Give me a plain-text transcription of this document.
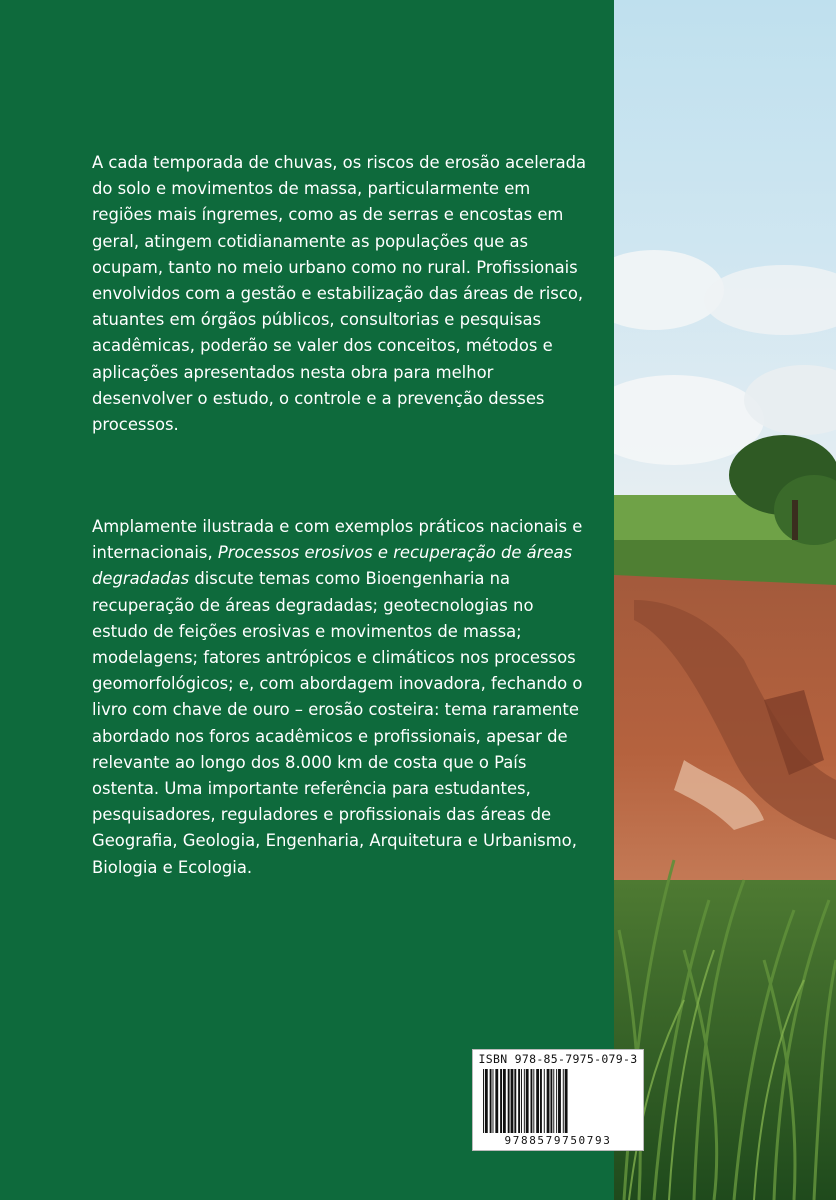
A cada temporada de chuvas, os riscos de erosão acelerada do solo e movimentos de massa, particularmente em regiões mais íngremes, como as de serras e encostas em geral, atingem cotidianamente as populações que as ocupam, tanto no meio urbano como no rural. Profissionais envolvidos com a gestão e estabilização das áreas de risco, atuantes em órgãos públicos, consultorias e pesquisas acadêmicas, poderão se valer dos conceitos, métodos e aplicações apresentados nesta obra para melhor desenvolver o estudo, o controle e a prevenção desses processos.

Amplamente ilustrada e com exemplos práticos nacionais e internacionais, Processos erosivos e recuperação de áreas degradadas discute temas como Bioengenharia na recuperação de áreas degradadas; geotecnologias no estudo de feições erosivas e movimentos de massa; modelagens; fatores antrópicos e climáticos nos processos geomorfológicos; e, com abordagem inovadora, fechando o livro com chave de ouro – erosão costeira: tema raramente abordado nos foros acadêmicos e profissionais, apesar de relevante ao longo dos 8.000 km de costa que o País ostenta. Uma importante referência para estudantes, pesquisadores, reguladores e profissionais das áreas de Geografia, Geologia, Engenharia, Arquitetura e Urbanismo, Biologia e Ecologia.

ISBN 978-85-7975-079-3
9788579750793
